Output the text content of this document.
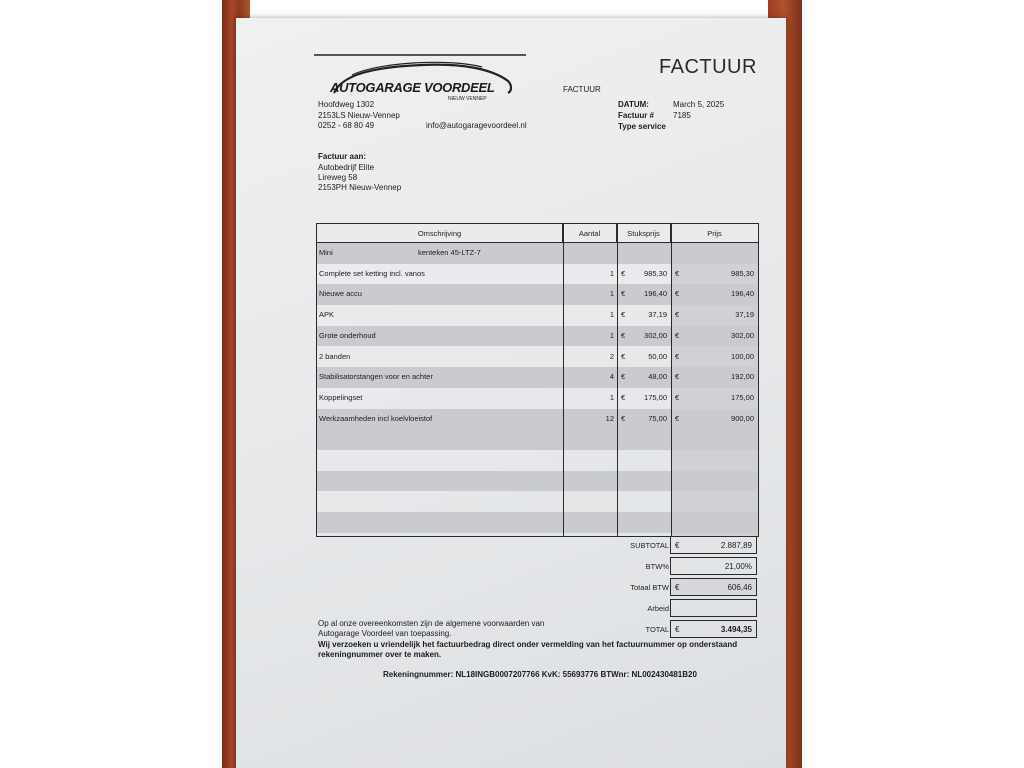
AUTOGARAGE VOORDEEL
NIEUW VENNEP
FACTUUR
FACTUUR
Hoofdweg 1302
2153LS Nieuw-Vennep
0252 - 68 80 49	info@autogaragevoordeel.nl
DATUM:	March 5, 2025
Factuur # 7185
Type service
Factuur aan:
Autobedrijf Elite
Lireweg 58
2153PH Nieuw-Vennep
Omschrijving	Aantal	Stuksprijs	Prijs
Mini	kenteken 45-LTZ-7
Complete set ketting incl. vanos	1 €	985,30 €	985,30
Nieuwe accu	1 €	196,40 €	196,40
APK	1 €	37,19 €	37,19
Grote onderhoud	1 €	302,00 €	302,00
2 banden	2 €	50,00 €	100,00
Stabilisatorstangen voor en achter	4 €	48,00 €	192,00
Koppelingset	1 €	175,00 €	175,00
Werkzaamheden incl koelvloeistof	12 €	75,00 €	900,00
SUBTOTAL €	2.887,89
BTW%	21,00%
Totaal BTW €	606,46
Arbeid
TOTAL €	3.494,35
Op al onze overeenkomsten zijn de algemene voorwaarden van
Autogarage Voordeel van toepassing.
Wij verzoeken u vriendelijk het factuurbedrag direct onder vermelding van het factuurnummer op onderstaand
rekeningnummer over te maken.
Rekeningnummer: NL18INGB0007207766 KvK: 55693776 BTWnr: NL002430481B20
